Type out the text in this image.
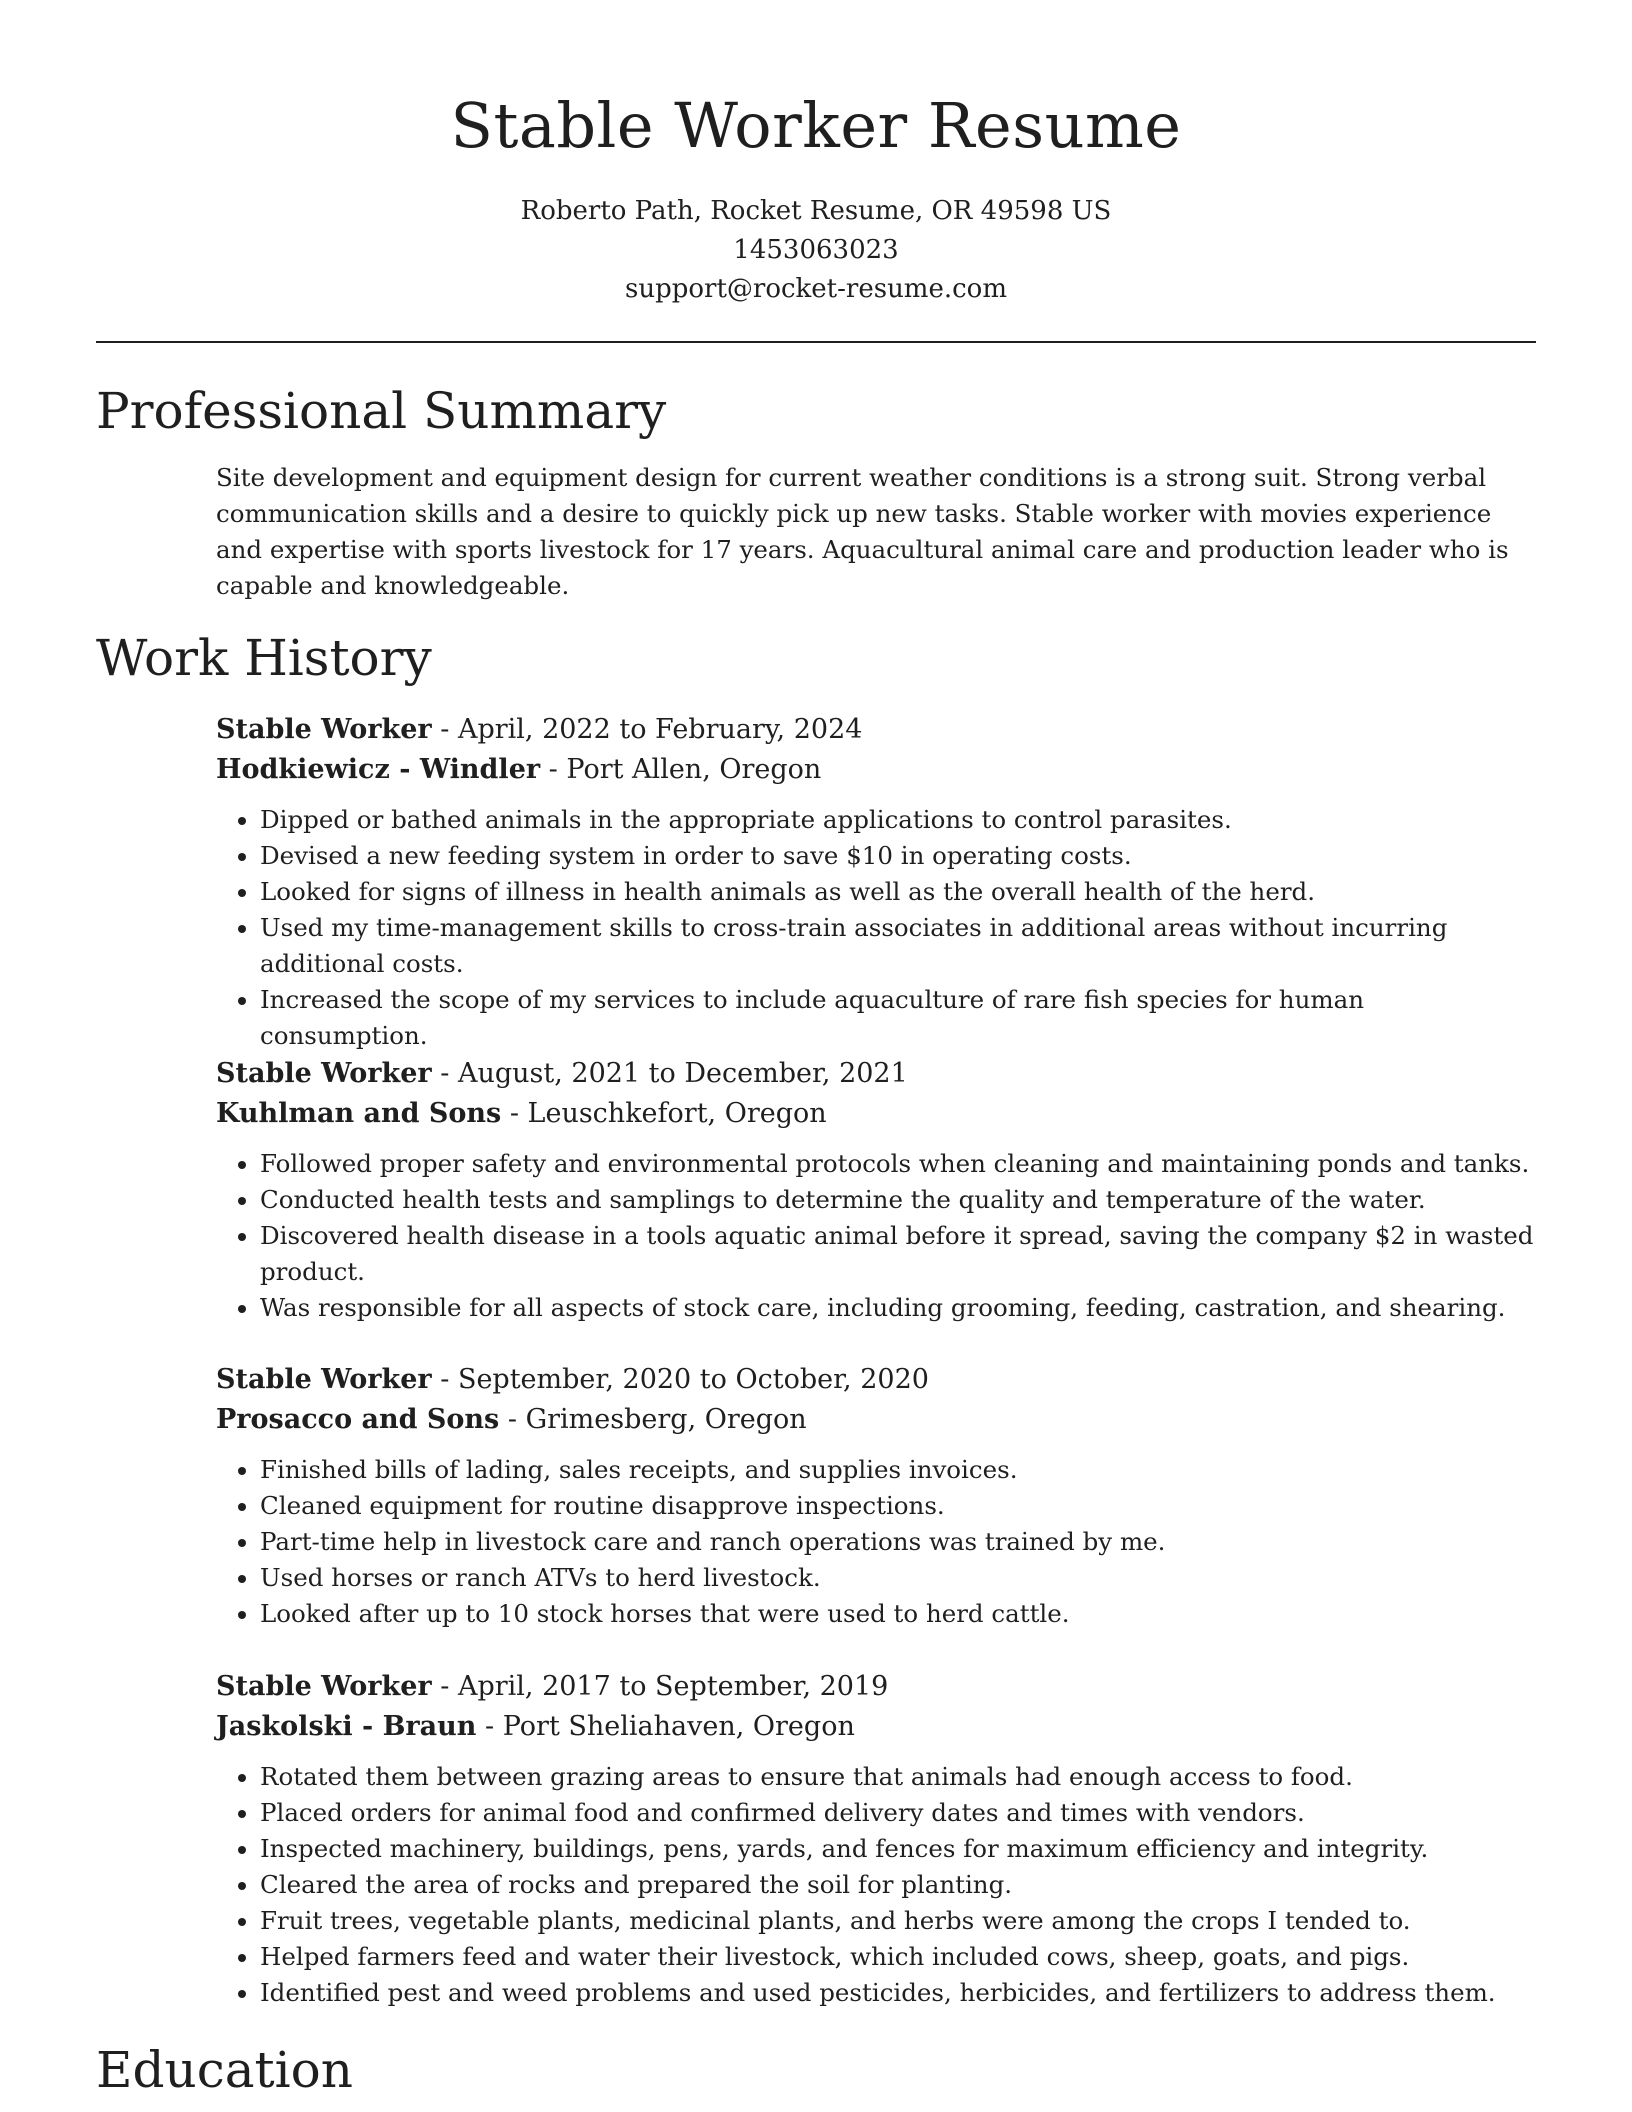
Stable Worker Resume
Roberto Path, Rocket Resume, OR 49598 US
1453063023
support@rocket-resume.com
Professional Summary

Site development and equipment design for current weather conditions is a strong suit. Strong verbal communication skills and a desire to quickly pick up new tasks. Stable worker with movies experience and expertise with sports livestock for 17 years. Aquacultural animal care and production leader who is capable and knowledgeable.

Work History

Stable Worker - April, 2022 to February, 2024

Hodkiewicz - Windler - Port Allen, Oregon

• Dipped or bathed animals in the appropriate applications to control parasites.
• Devised a new feeding system in order to save $10 in operating costs.
• Looked for signs of illness in health animals as well as the overall health of the herd.
• Used my time-management skills to cross-train associates in additional areas without incurring additional costs.
• Increased the scope of my services to include aquaculture of rare fish species for human consumption.

Stable Worker - August, 2021 to December, 2021

Kuhlman and Sons - Leuschkefort, Oregon

• Followed proper safety and environmental protocols when cleaning and maintaining ponds and tanks.
• Conducted health tests and samplings to determine the quality and temperature of the water.
• Discovered health disease in a tools aquatic animal before it spread, saving the company $2 in wasted product.
• Was responsible for all aspects of stock care, including grooming, feeding, castration, and shearing.

Stable Worker - September, 2020 to October, 2020

Prosacco and Sons - Grimesberg, Oregon

• Finished bills of lading, sales receipts, and supplies invoices.
• Cleaned equipment for routine disapprove inspections.
• Part-time help in livestock care and ranch operations was trained by me.
• Used horses or ranch ATVs to herd livestock.
• Looked after up to 10 stock horses that were used to herd cattle.

Stable Worker - April, 2017 to September, 2019

Jaskolski - Braun - Port Sheliahaven, Oregon

• Rotated them between grazing areas to ensure that animals had enough access to food.
• Placed orders for animal food and confirmed delivery dates and times with vendors.
• Inspected machinery, buildings, pens, yards, and fences for maximum efficiency and integrity.
• Cleared the area of rocks and prepared the soil for planting.
• Fruit trees, vegetable plants, medicinal plants, and herbs were among the crops I tended to.
• Helped farmers feed and water their livestock, which included cows, sheep, goats, and pigs.
• Identified pest and weed problems and used pesticides, herbicides, and fertilizers to address them.
Education
